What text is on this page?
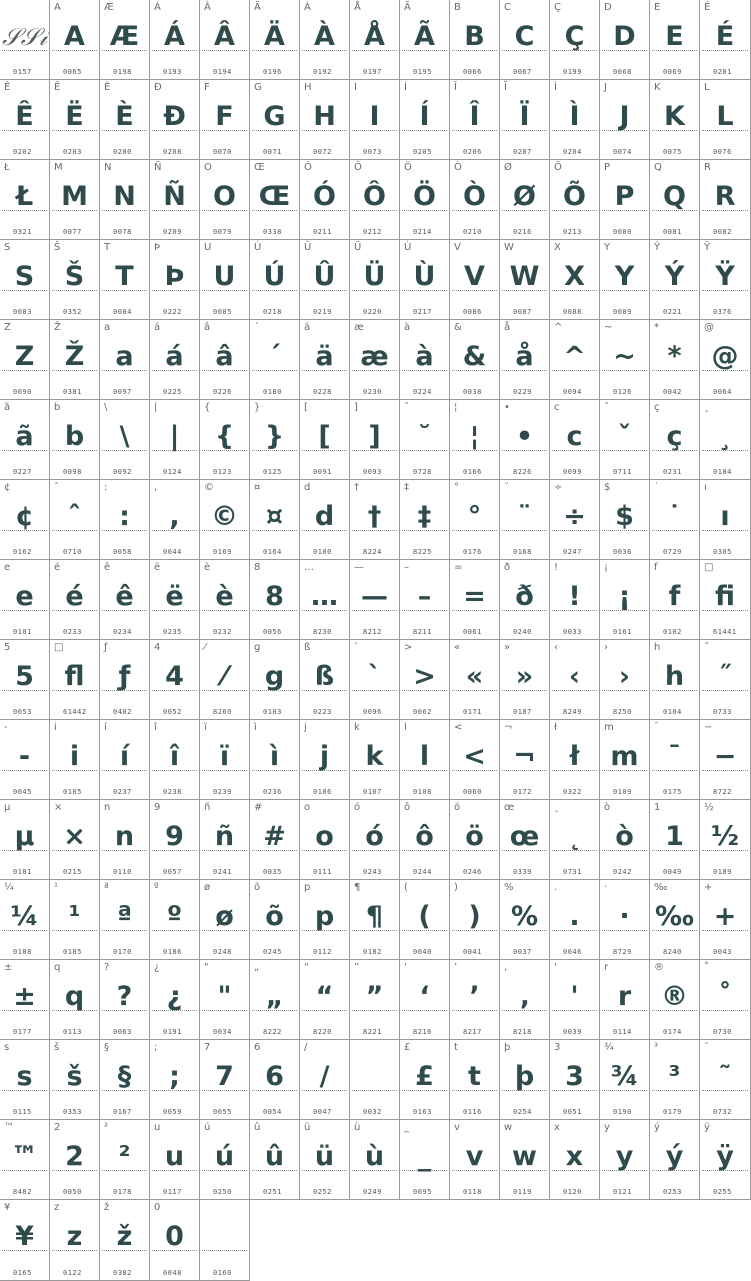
𝒮𝒮𝒾
0157
A
A
0065
Æ
Æ
0198
Á
Á
0193
Â
Â
0194
Ä
Ä
0196
À
À
0192
Å
Å
0197
Ã
Ã
0195
B
B
0066
C
C
0067
Ç
Ç
0199
D
D
0068
E
E
0069
É
É
0201
Ê
Ê
0202
Ë
Ë
0203
È
È
0200
Đ
Đ
0208
F
F
0070
G
G
0071
H
H
0072
I
I
0073
Í
Í
0205
Î
Î
0206
Ï
Ï
0207
Ì
Ì
0204
J
J
0074
K
K
0075
L
L
0076
Ł
Ł
0321
M
M
0077
N
N
0078
Ñ
Ñ
0209
O
O
0079
Œ
Œ
0338
Ó
Ó
0211
Ô
Ô
0212
Ö
Ö
0214
Ò
Ò
0210
Ø
Ø
0216
Õ
Õ
0213
P
P
0080
Q
Q
0081
R
R
0082
S
S
0083
Š
Š
0352
T
T
0084
Þ
Þ
0222
U
U
0085
Ú
Ú
0218
Û
Û
0219
Ü
Ü
0220
Ù
Ù
0217
V
V
0086
W
W
0087
X
X
0088
Y
Y
0089
Ý
Ý
0221
Ÿ
Ÿ
0376
Z
Z
0090
Ž
Ž
0381
a
a
0097
á
á
0225
â
â
0226
´
´
0180
ä
ä
0228
æ
æ
0230
à
à
0224
&
&
0038
å
å
0229
^
^
0094
~
~
0126
*
*
0042
@
@
0064
ã
ã
0227
b
b
0098
\
\
0092
|
|
0124
{
{
0123
}
}
0125
[
[
0091
]
]
0093
˘
˘
0728
¦
¦
0166
•
•
8226
c
c
0099
ˇ
ˇ
0711
ç
ç
0231
¸
¸
0184
¢
¢
0162
ˆ
ˆ
0710
:
:
0058
,
,
0044
©
©
0169
¤
¤
0164
d
d
0100
†
†
8224
‡
‡
8225
°
°
0176
¨
¨
0168
÷
÷
0247
$
$
0036
˙
˙
0729
ı
ı
0305
e
e
0101
é
é
0233
ê
ê
0234
ë
ë
0235
è
è
0232
8
8
0056
…
…
8230
—
—
8212
–
–
8211
=
=
0061
ð
ð
0240
!
!
0033
¡
¡
0161
f
f
0102
□
fi
61441
5
5
0053
□
fl
61442
ƒ
ƒ
0402
4
4
0052
⁄
⁄
8260
g
g
0103
ß
ß
0223
`
`
0096
>
>
0062
«
«
0171
»
»
0187
‹
‹
8249
›
›
8250
h
h
0104
˝
˝
0733
-
-
0045
i
i
0105
í
í
0237
î
î
0238
ï
ï
0239
ì
ì
0236
j
j
0106
k
k
0107
l
l
0108
<
<
0060
¬
¬
0172
ł
ł
0322
m
m
0109
¯
¯
0175
−
−
8722
µ
µ
0181
×
×
0215
n
n
0110
9
9
0057
ñ
ñ
0241
#
#
0035
o
o
0111
ó
ó
0243
ô
ô
0244
ö
ö
0246
œ
œ
0339
˛
˛
0731
ò
ò
0242
1
1
0049
½
½
0189
¼
¼
0188
¹
¹
0185
ª
ª
0170
º
º
0186
ø
ø
0248
õ
õ
0245
p
p
0112
¶
¶
0182
(
(
0040
)
)
0041
%
%
0037
.
.
0046
·
·
8729
‰
‰
8240
+
+
0043
±
±
0177
q
q
0113
?
?
0063
¿
¿
0191
"
"
0034
„
„
8222
“
“
8220
”
”
8221
‘
‘
8216
’
’
8217
‚
‚
8218
'
'
0039
r
r
0114
®
®
0174
˚
˚
0730
s
s
0115
š
š
0353
§
§
0167
;
;
0059
7
7
0055
6
6
0054
/
/
0047	0032
£
£
0163
t
t
0116
þ
þ
0254
3
3
0051
¾
¾
0190
³
³
0179
˜
˜
0732
™
™
8482
2
2
0050
²
²
0178
u
u
0117
ú
ú
0250
û
û
0251
ü
ü
0252
ù
ù
0249
_
_
0095
v
v
0118
w
w
0119
x
x
0120
y
y
0121
ý
ý
0253
ÿ
ÿ
0255
¥
¥
0165
z
z
0122
ž
ž
0382
0
0
0048	0160
